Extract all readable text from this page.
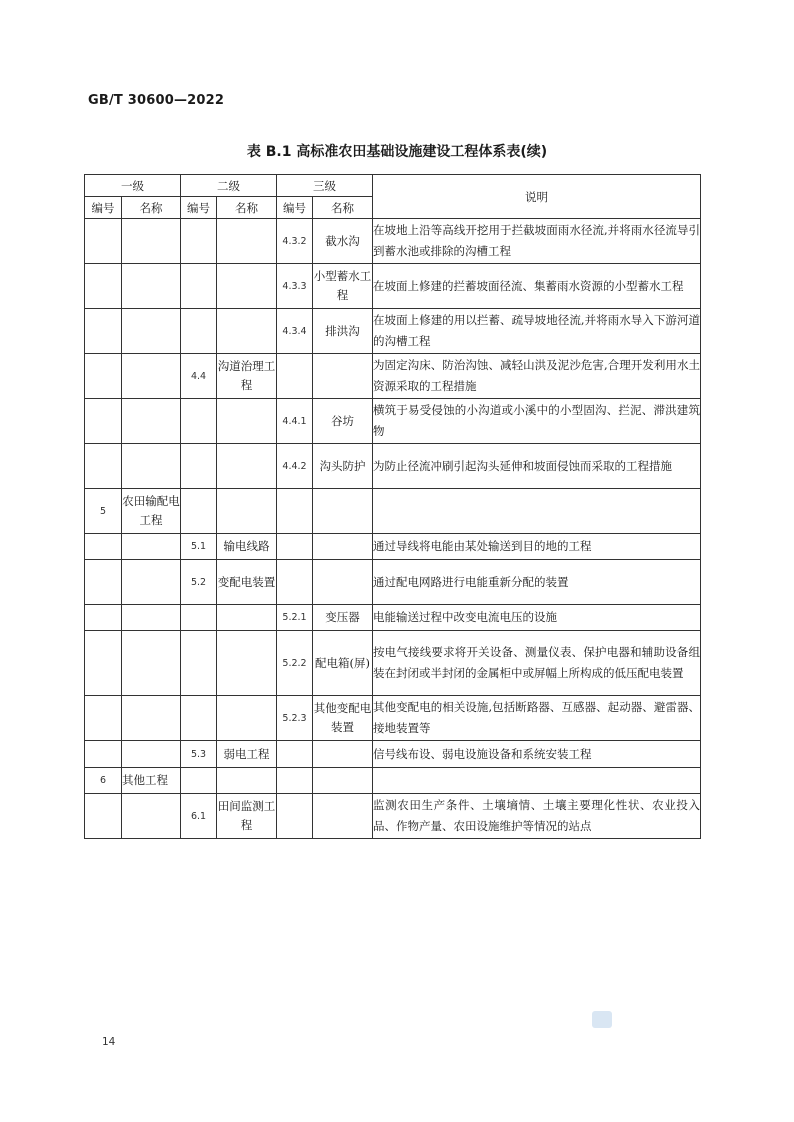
GB/T 30600—2022
表 B.1 高标准农田基础设施建设工程体系表(续)
一级		二级		三级		说明
编号	名称	编号	名称	编号	名称	
				4.3.2	截水沟	在坡地上沿等高线开挖用于拦截坡面雨水径流,并将雨水径流导引到蓄水池或排除的沟槽工程
				4.3.3	小型蓄水工程	在坡面上修建的拦蓄坡面径流、集蓄雨水资源的小型蓄水工程
				4.3.4	排洪沟	在坡面上修建的用以拦蓄、疏导坡地径流,并将雨水导入下游河道的沟槽工程
		4.4	沟道治理工程			为固定沟床、防治沟蚀、减轻山洪及泥沙危害,合理开发利用水土资源采取的工程措施
				4.4.1	谷坊	横筑于易受侵蚀的小沟道或小溪中的小型固沟、拦泥、滞洪建筑物
				4.4.2	沟头防护	为防止径流冲刷引起沟头延伸和坡面侵蚀而采取的工程措施
5	农田输配电工程					
		5.1	输电线路			通过导线将电能由某处输送到目的地的工程
		5.2	变配电装置			通过配电网路进行电能重新分配的装置
				5.2.1	变压器	电能输送过程中改变电流电压的设施
				5.2.2	配电箱(屏)	按电气接线要求将开关设备、测量仪表、保护电器和辅助设备组装在封闭或半封闭的金属柜中或屏幅上所构成的低压配电装置
				5.2.3	其他变配电装置	其他变配电的相关设施,包括断路器、互感器、起动器、避雷器、接地装置等
		5.3	弱电工程			信号线布设、弱电设施设备和系统安装工程
6	其他工程					
		6.1	田间监测工程			监测农田生产条件、土壤墒情、土壤主要理化性状、农业投入品、作物产量、农田设施维护等情况的站点
14
